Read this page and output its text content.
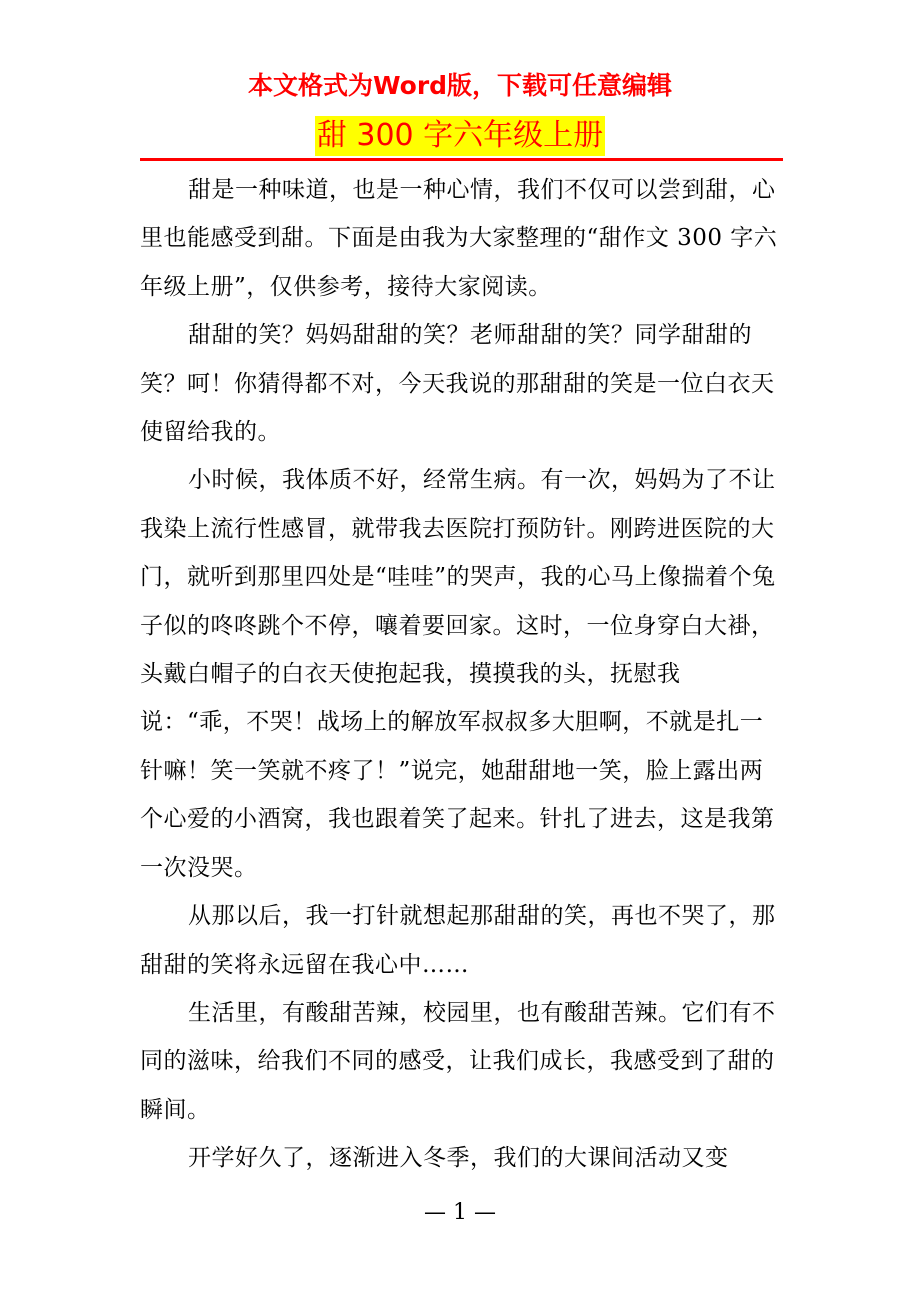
本文格式为Word版，下载可任意编辑
甜 300 字六年级上册

甜是一种味道，也是一种心情，我们不仅可以尝到甜，心里也能感受到甜。下面是由我为大家整理的“甜作文 300 字六年级上册”，仅供参考，接待大家阅读。

甜甜的笑？妈妈甜甜的笑？老师甜甜的笑？同学甜甜的笑？呵！你猜得都不对，今天我说的那甜甜的笑是一位白衣天使留给我的。

小时候，我体质不好，经常生病。有一次，妈妈为了不让我染上流行性感冒，就带我去医院打预防针。刚跨进医院的大门，就听到那里四处是“哇哇”的哭声，我的心马上像揣着个兔子似的咚咚跳个不停，嚷着要回家。这时，一位身穿白大褂，头戴白帽子的白衣天使抱起我，摸摸我的头，抚慰我说：“乖，不哭！战场上的解放军叔叔多大胆啊，不就是扎一针嘛！笑一笑就不疼了！”说完，她甜甜地一笑，脸上露出两个心爱的小酒窝，我也跟着笑了起来。针扎了进去，这是我第一次没哭。

从那以后，我一打针就想起那甜甜的笑，再也不哭了，那甜甜的笑将永远留在我心中……

生活里，有酸甜苦辣，校园里，也有酸甜苦辣。它们有不同的滋味，给我们不同的感受，让我们成长，我感受到了甜的瞬间。

开学好久了，逐渐进入冬季，我们的大课间活动又变

— 1 —
